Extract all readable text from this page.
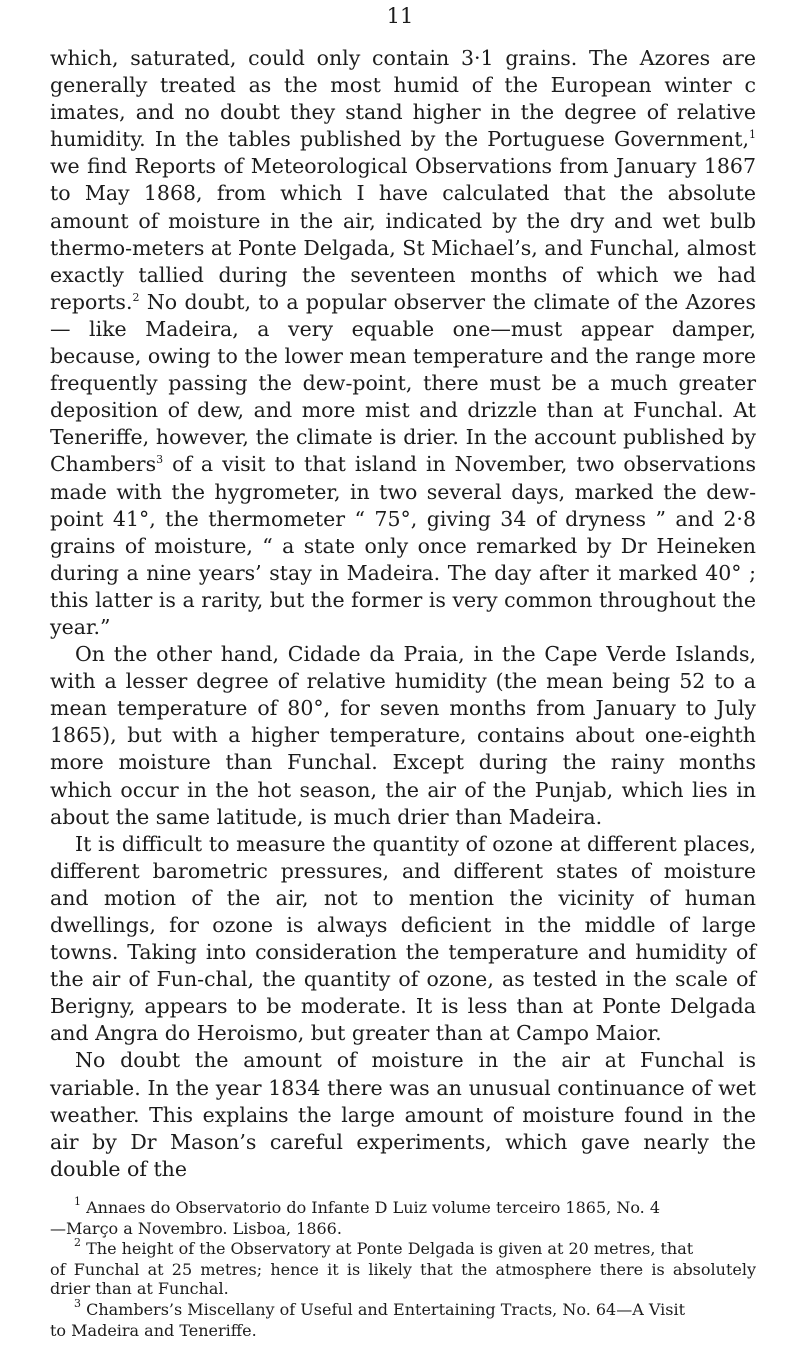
11

which, saturated, could only contain 3·1 grains. The Azores are generally treated as the most humid of the European winter c imates, and no doubt they stand higher in the degree of relative humidity. In the tables published by the Portuguese Government,$^1$ we find Reports of Meteorological Observations from January 1867 to May 1868, from which I have calculated that the absolute amount of moisture in the air, indicated by the dry and wet bulb thermo-meters at Ponte Delgada, St Michael’s, and Funchal, almost exactly tallied during the seventeen months of which we had reports.$^2$ No doubt, to a popular observer the climate of the Azores — like Madeira, a very equable one—must appear damper, because, owing to the lower mean temperature and the range more frequently passing the dew-point, there must be a much greater deposition of dew, and more mist and drizzle than at Funchal. At Teneriffe, however, the climate is drier. In the account published by Chambers$^3$ of a visit to that island in November, two observations made with the hygrometer, in two several days, marked the dew-point 41°, the thermometer “ 75°, giving 34 of dryness ” and 2·8 grains of moisture, “ a state only once remarked by Dr Heineken during a nine years’ stay in Madeira. The day after it marked 40° ; this latter is a rarity, but the former is very common throughout the year.”

On the other hand, Cidade da Praia, in the Cape Verde Islands, with a lesser degree of relative humidity (the mean being 52 to a mean temperature of 80°, for seven months from January to July 1865), but with a higher temperature, contains about one-eighth more moisture than Funchal. Except during the rainy months which occur in the hot season, the air of the Punjab, which lies in about the same latitude, is much drier than Madeira.

It is difficult to measure the quantity of ozone at different places, different barometric pressures, and different states of moisture and motion of the air, not to mention the vicinity of human dwellings, for ozone is always deficient in the middle of large towns. Taking into consideration the temperature and humidity of the air of Fun-chal, the quantity of ozone, as tested in the scale of Berigny, appears to be moderate. It is less than at Ponte Delgada and Angra do Heroismo, but greater than at Campo Maior.

No doubt the amount of moisture in the air at Funchal is variable. In the year 1834 there was an unusual continuance of wet weather. This explains the large amount of moisture found in the air by Dr Mason’s careful experiments, which gave nearly the double of the

$^1$ Annaes do Observatorio do Infante D Luiz volume terceiro 1865, No. 4

—Março a Novembro. Lisboa, 1866.

$^2$ The height of the Observatory at Ponte Delgada is given at 20 metres, that

of Funchal at 25 metres; hence it is likely that the atmosphere there is absolutely drier than at Funchal.

$^3$ Chambers’s Miscellany of Useful and Entertaining Tracts, No. 64—A Visit

to Madeira and Teneriffe.
